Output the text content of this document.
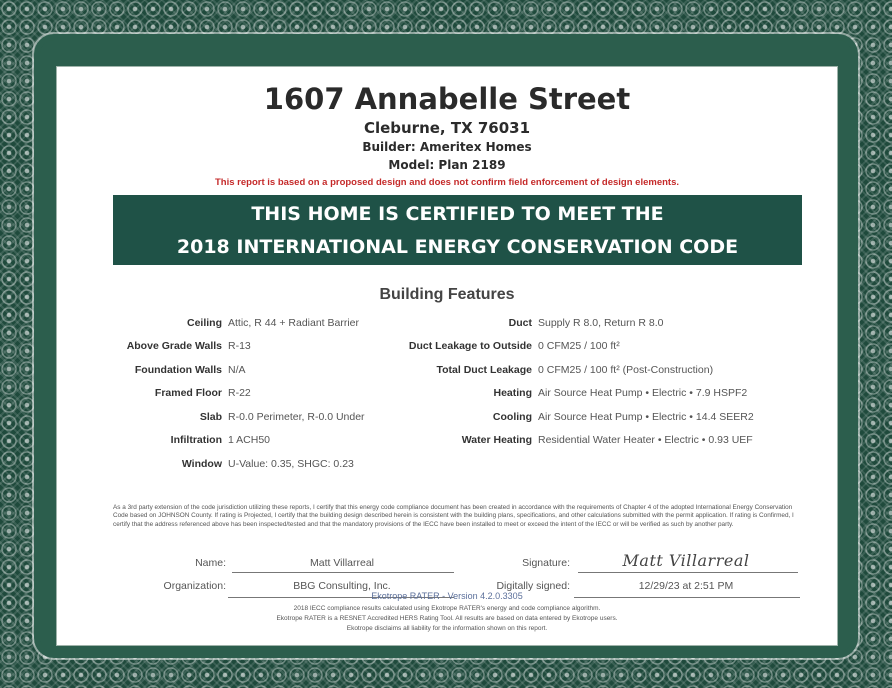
1607 Annabelle Street
Cleburne, TX 76031
Builder: Ameritex Homes
Model: Plan 2189
This report is based on a proposed design and does not confirm field enforcement of design elements.
THIS HOME IS CERTIFIED TO MEET THE
2018 INTERNATIONAL ENERGY CONSERVATION CODE
Building Features
Ceiling Attic, R 44 + Radiant Barrier
Above Grade Walls R-13
Foundation Walls N/A
Framed Floor R-22
Slab R-0.0 Perimeter, R-0.0 Under
Infiltration 1 ACH50
Window U-Value: 0.35, SHGC: 0.23
Duct Supply R 8.0, Return R 8.0
Duct Leakage to Outside 0 CFM25 / 100 ft²
Total Duct Leakage 0 CFM25 / 100 ft² (Post-Construction)
Heating Air Source Heat Pump • Electric • 7.9 HSPF2
Cooling Air Source Heat Pump • Electric • 14.4 SEER2
Water Heating Residential Water Heater • Electric • 0.93 UEF
As a 3rd party extension of the code jurisdiction utilizing these reports, I certify that this energy code compliance document has been created in accordance with the requirements of Chapter 4 of the adopted International Energy Conservation Code based on JOHNSON County. If rating is Projected, I certify that the building design described herein is consistent with the building plans, specifications, and other calculations submitted with the permit application. If rating is Confirmed, I certify that the address referenced above has been inspected/tested and that the mandatory provisions of the IECC have been installed to meet or exceed the intent of the IECC or will be verified as such by another party.
Name:	Matt Villarreal	Signature:	Matt Villarreal
Organization:	BBG Consulting, Inc.	Digitally signed:	12/29/23 at 2:51 PM
Ekotrope RATER - Version 4.2.0.3305
2018 IECC compliance results calculated using Ekotrope RATER's energy and code compliance algorithm.
Ekotrope RATER is a RESNET Accredited HERS Rating Tool. All results are based on data entered by Ekotrope users.
Ekotrope disclaims all liability for the information shown on this report.
